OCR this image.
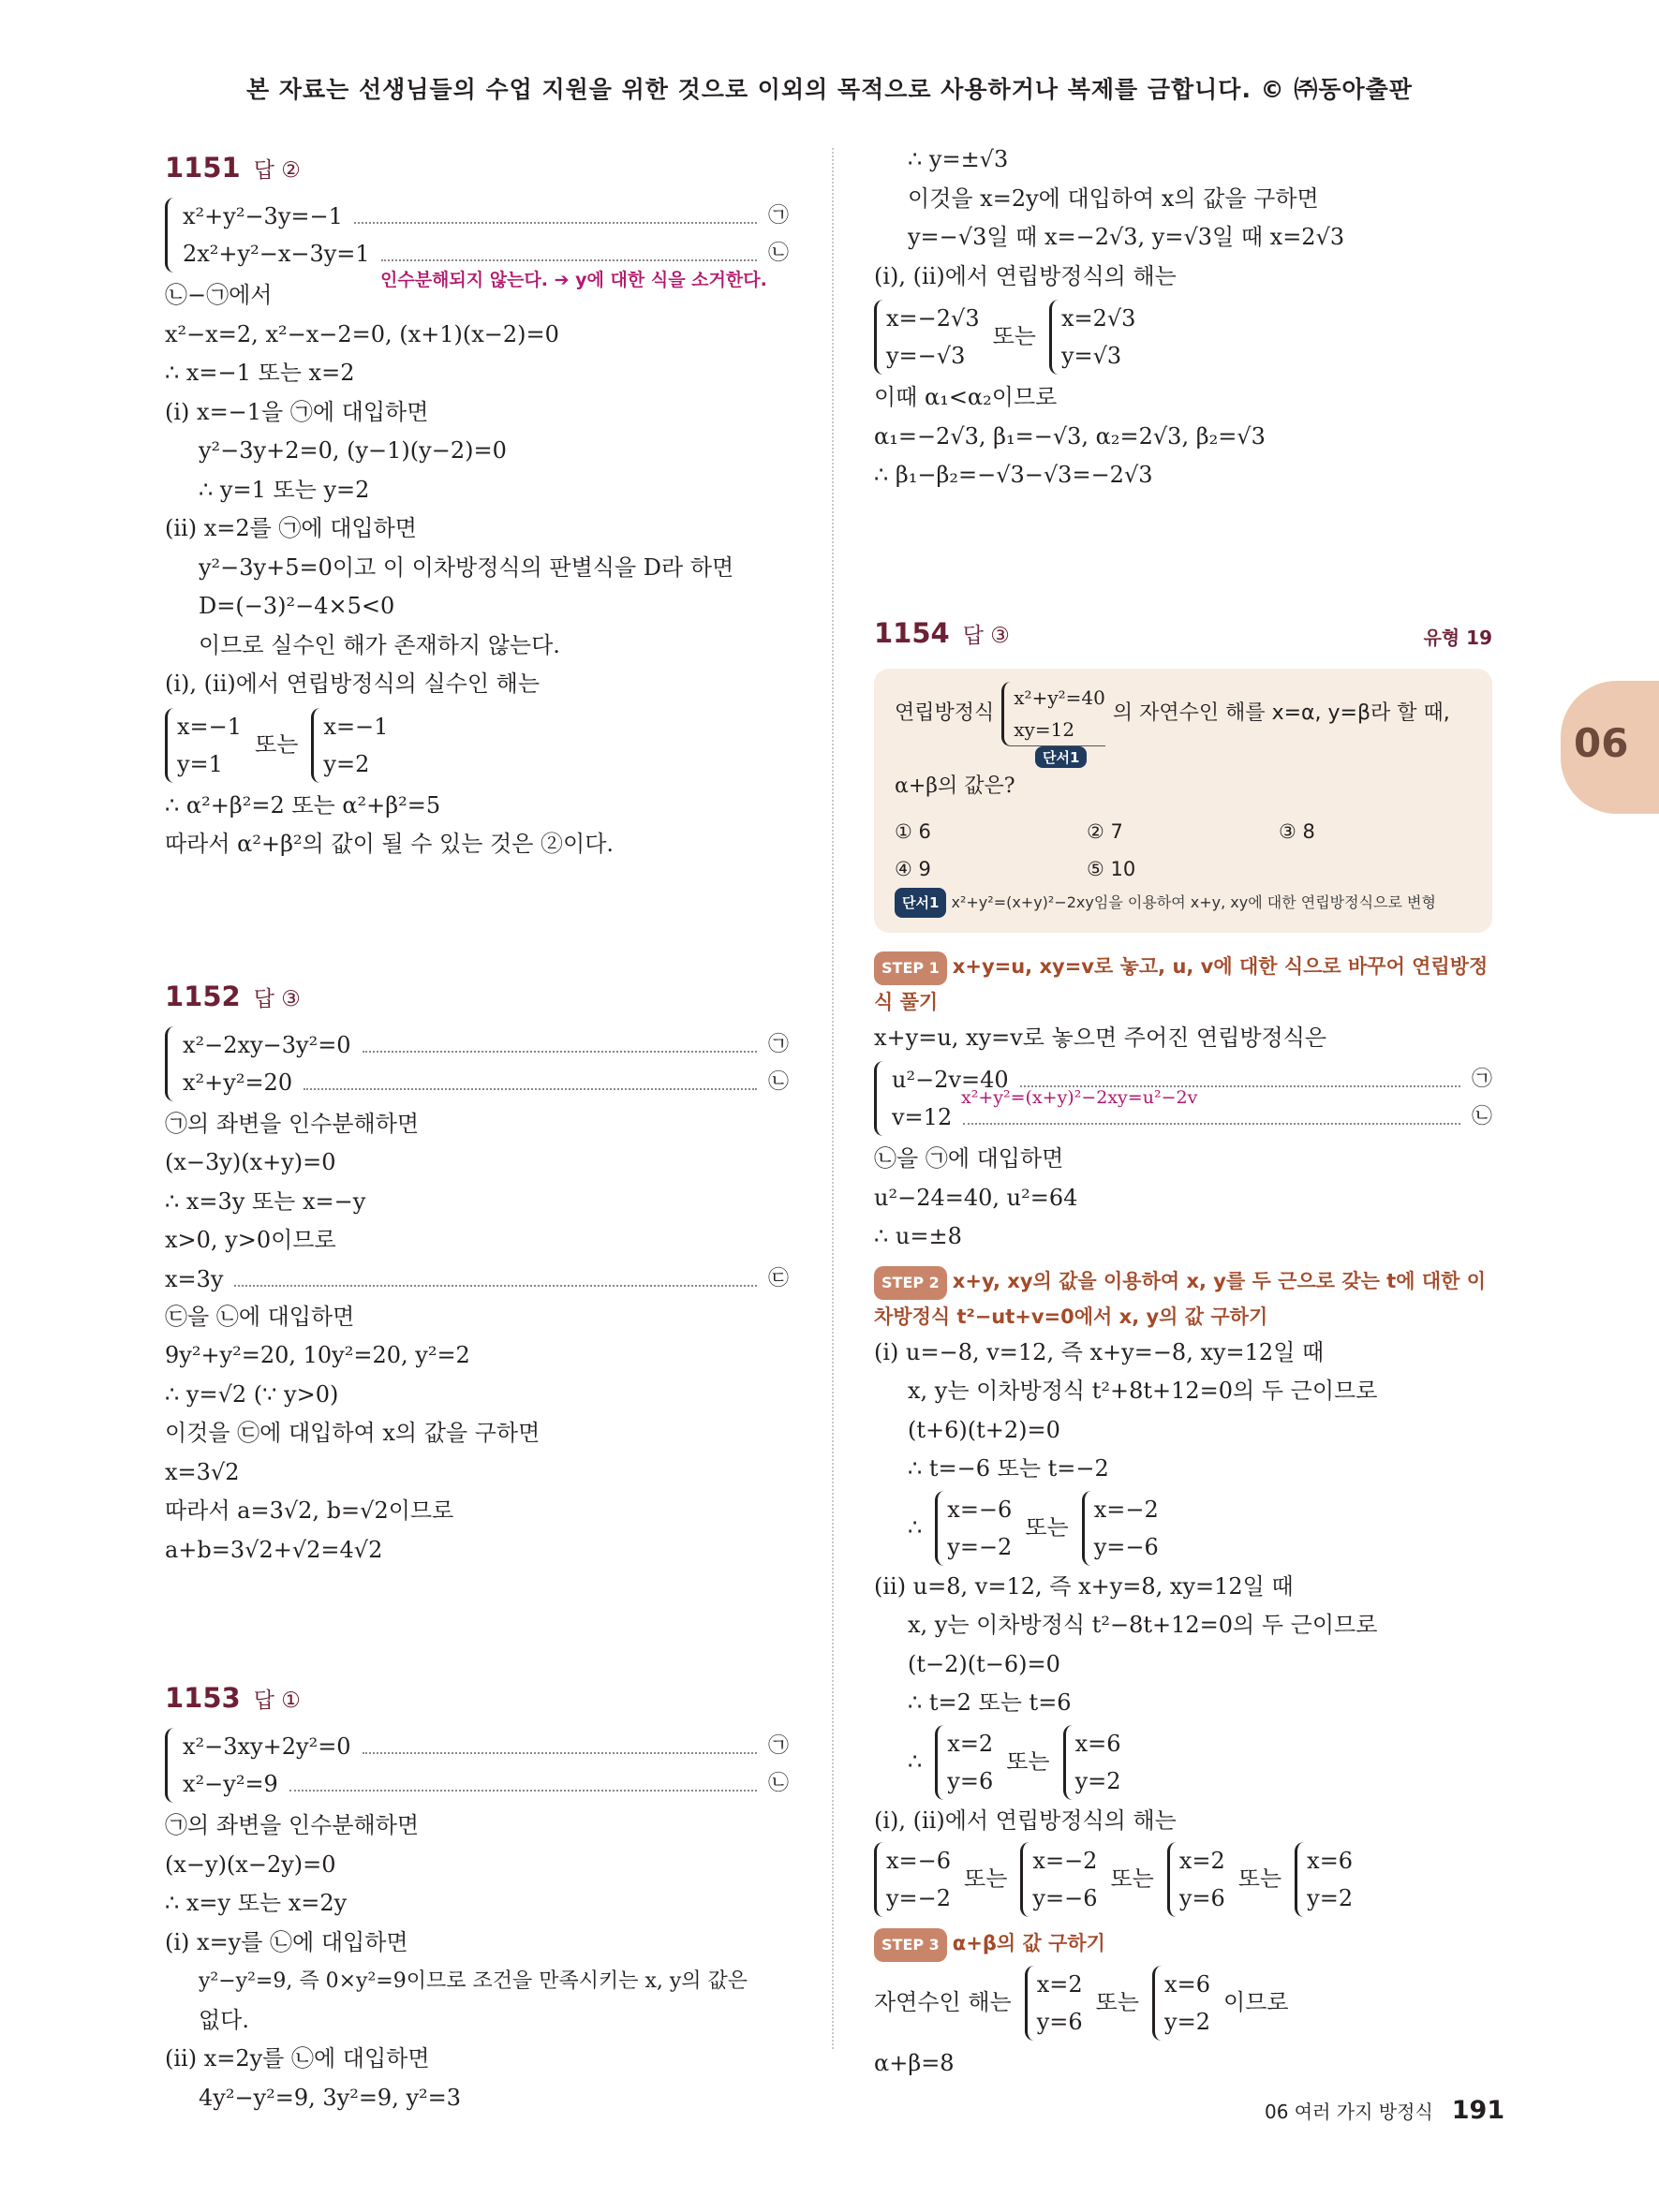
본 자료는 선생님들의 수업 지원을 위한 것으로 이외의 목적으로 사용하거나 복제를 금합니다. © ㈜동아출판
06
1151 답 ②
x²+y²−3y=−1	㉠
2x²+y²−x−3y=1	㉡
㉡−㉠에서
인수분해되지 않는다. ➔ y에 대한 식을 소거한다.
x²−x=2, x²−x−2=0, (x+1)(x−2)=0
∴ x=−1 또는 x=2
(ⅰ) x=−1을 ㉠에 대입하면
y²−3y+2=0, (y−1)(y−2)=0
∴ y=1 또는 y=2
(ⅱ) x=2를 ㉠에 대입하면
y²−3y+5=0이고 이 이차방정식의 판별식을 D라 하면
D=(−3)²−4×5<0
이므로 실수인 해가 존재하지 않는다.
(ⅰ), (ⅱ)에서 연립방정식의 실수인 해는
x=−1
y=1
또는
x=−1
y=2
∴ α²+β²=2 또는 α²+β²=5
따라서 α²+β²의 값이 될 수 있는 것은 ②이다.
1152 답 ③
x²−2xy−3y²=0	㉠
x²+y²=20	㉡
㉠의 좌변을 인수분해하면
(x−3y)(x+y)=0
∴ x=3y 또는 x=−y
x>0, y>0이므로
x=3y	㉢
㉢을 ㉡에 대입하면
9y²+y²=20, 10y²=20, y²=2
∴ y=√2 (∵ y>0)
이것을 ㉢에 대입하여 x의 값을 구하면
x=3√2
따라서 a=3√2, b=√2이므로
a+b=3√2+√2=4√2
1153 답 ①
x²−3xy+2y²=0	㉠
x²−y²=9	㉡
㉠의 좌변을 인수분해하면
(x−y)(x−2y)=0
∴ x=y 또는 x=2y
(ⅰ) x=y를 ㉡에 대입하면
y²−y²=9, 즉 0×y²=9이므로 조건을 만족시키는 x, y의 값은
없다.
(ⅱ) x=2y를 ㉡에 대입하면
4y²−y²=9, 3y²=9, y²=3
∴ y=±√3
이것을 x=2y에 대입하여 x의 값을 구하면
y=−√3일 때 x=−2√3, y=√3일 때 x=2√3
(ⅰ), (ⅱ)에서 연립방정식의 해는
x=−2√3
y=−√3
또는
x=2√3
y=√3
이때 α₁<α₂이므로
α₁=−2√3, β₁=−√3, α₂=2√3, β₂=√3
∴ β₁−β₂=−√3−√3=−2√3
1154 답 ③	유형 19
연립방정식
x²+y²=40
xy=12
의 자연수인 해를 x=α, y=β라 할 때,
단서1
α+β의 값은?
① 6	② 7	③ 8
④ 9	⑤ 10
단서1 x²+y²=(x+y)²−2xy임을 이용하여 x+y, xy에 대한 연립방정식으로 변형
STEP 1 x+y=u, xy=v로 놓고, u, v에 대한 식으로 바꾸어 연립방정식 풀기
x+y=u, xy=v로 놓으면 주어진 연립방정식은
u²−2v=40	㉠
x²+y²=(x+y)²−2xy=u²−2v
v=12	㉡
㉡을 ㉠에 대입하면
u²−24=40, u²=64
∴ u=±8
STEP 2 x+y, xy의 값을 이용하여 x, y를 두 근으로 갖는 t에 대한 이차방정식 t²−ut+v=0에서 x, y의 값 구하기
(ⅰ) u=−8, v=12, 즉 x+y=−8, xy=12일 때
x, y는 이차방정식 t²+8t+12=0의 두 근이므로
(t+6)(t+2)=0
∴ t=−6 또는 t=−2
∴
x=−6
y=−2
또는
x=−2
y=−6
(ⅱ) u=8, v=12, 즉 x+y=8, xy=12일 때
x, y는 이차방정식 t²−8t+12=0의 두 근이므로
(t−2)(t−6)=0
∴ t=2 또는 t=6
∴
x=2
y=6
또는
x=6
y=2
(ⅰ), (ⅱ)에서 연립방정식의 해는
x=−6
y=−2
또는
x=−2
y=−6
또는
x=2
y=6
또는
x=6
y=2
STEP 3 α+β의 값 구하기
자연수인 해는
x=2
y=6
또는
x=6
y=2
이므로
α+β=8
06 여러 가지 방정식 191
